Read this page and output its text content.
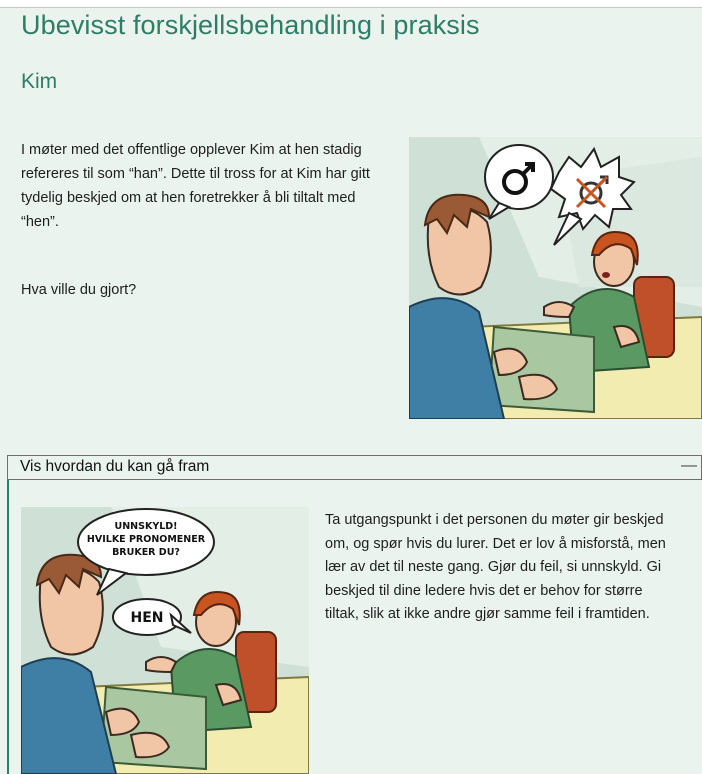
Ubevisst forskjellsbehandling i praksis
Kim

I møter med det offentlige opplever Kim at hen stadig refereres til som “han”. Dette til tross for at Kim har gitt tydelig beskjed om at hen foretrekker å bli tiltalt med “hen”.

Hva ville du gjort?

Vis hvordan du kan gå fram	—
UNNSKYLD!
HVILKE PRONOMENER
BRUKER DU?
HEN

Ta utgangspunkt i det personen du møter gir beskjed om, og spør hvis du lurer. Det er lov å misforstå, men lær av det til neste gang. Gjør du feil, si unnskyld. Gi beskjed til dine ledere hvis det er behov for større tiltak, slik at ikke andre gjør samme feil i framtiden.
